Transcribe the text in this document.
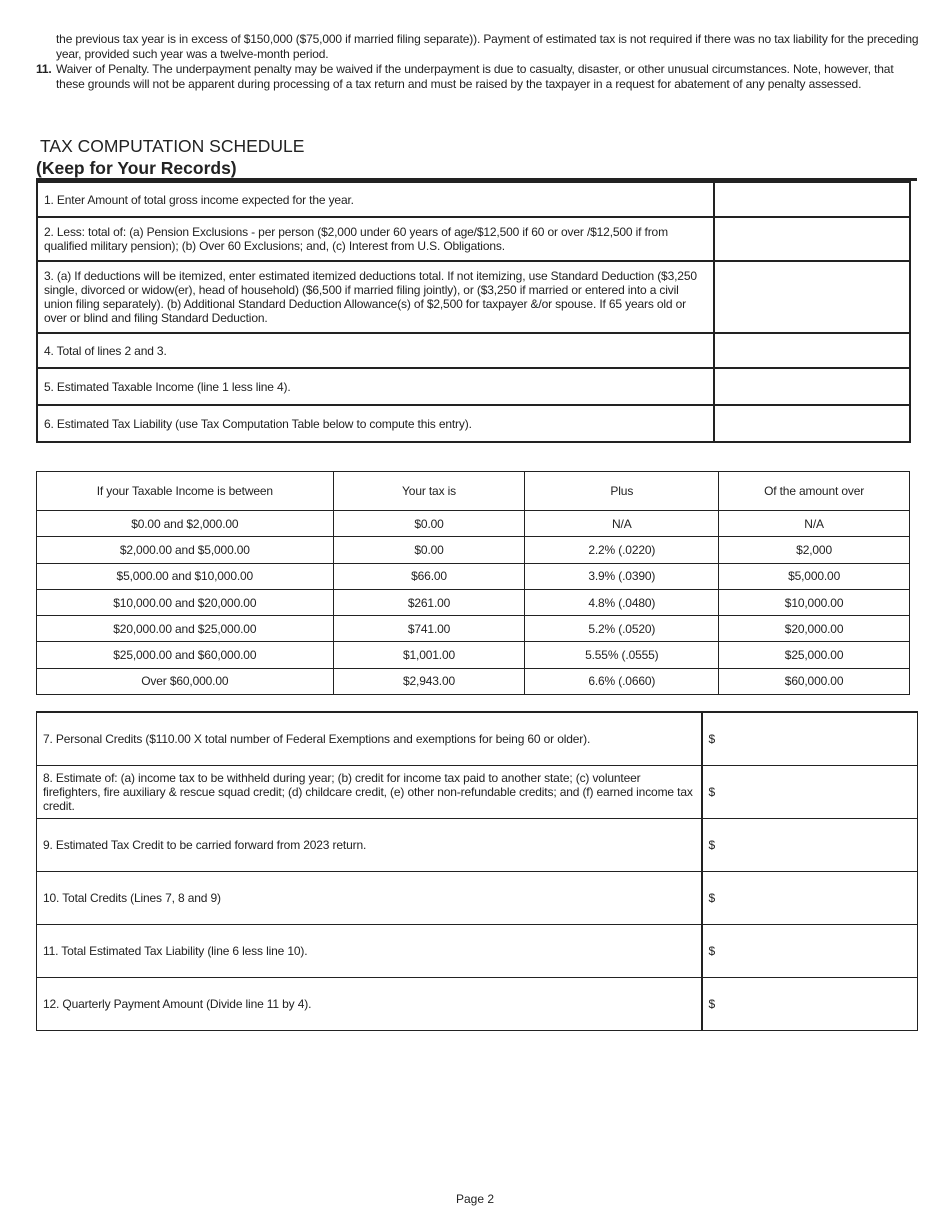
the previous tax year is in excess of $150,000 ($75,000 if married filing separate)). Payment of estimated tax is not required if there was no tax liability for the preceding year, provided such year was a twelve-month period.

11. Waiver of Penalty. The underpayment penalty may be waived if the underpayment is due to casualty, disaster, or other unusual circumstances. Note, however, that these grounds will not be apparent during processing of a tax return and must be raised by the taxpayer in a request for abatement of any penalty assessed.

TAX COMPUTATION SCHEDULE
(Keep for Your Records)
1. Enter Amount of total gross income expected for the year.	
2. Less: total of: (a) Pension Exclusions - per person ($2,000 under 60 years of age/$12,500 if 60 or over /$12,500 if from qualified military pension); (b) Over 60 Exclusions; and, (c) Interest from U.S. Obligations.	
3. (a) If deductions will be itemized, enter estimated itemized deductions total. If not itemizing, use Standard Deduction ($3,250 single, divorced or widow(er), head of household) ($6,500 if married filing jointly), or ($3,250 if married or entered into a civil union filing separately). (b) Additional Standard Deduction Allowance(s) of $2,500 for taxpayer &/or spouse. If 65 years old or over or blind and filing Standard Deduction.	
4. Total of lines 2 and 3.	
5. Estimated Taxable Income (line 1 less line 4).	
6. Estimated Tax Liability (use Tax Computation Table below to compute this entry).	
If your Taxable Income is between	Your tax is	Plus	Of the amount over
$0.00 and $2,000.00	$0.00	N/A	N/A
$2,000.00 and $5,000.00	$0.00	2.2% (.0220)	$2,000
$5,000.00 and $10,000.00	$66.00	3.9% (.0390)	$5,000.00
$10,000.00 and $20,000.00	$261.00	4.8% (.0480)	$10,000.00
$20,000.00 and $25,000.00	$741.00	5.2% (.0520)	$20,000.00
$25,000.00 and $60,000.00	$1,001.00	5.55% (.0555)	$25,000.00
Over $60,000.00	$2,943.00	6.6% (.0660)	$60,000.00
7. Personal Credits ($110.00 X total number of Federal Exemptions and exemptions for being 60 or older).	$
8. Estimate of: (a) income tax to be withheld during year; (b) credit for income tax paid to another state; (c) volunteer firefighters, fire auxiliary & rescue squad credit; (d) childcare credit, (e) other non-refundable credits; and (f) earned income tax credit.	$
9. Estimated Tax Credit to be carried forward from 2023 return.	$
10. Total Credits (Lines 7, 8 and 9)	$
11. Total Estimated Tax Liability (line 6 less line 10).	$
12. Quarterly Payment Amount (Divide line 11 by 4).	$
Page 2
